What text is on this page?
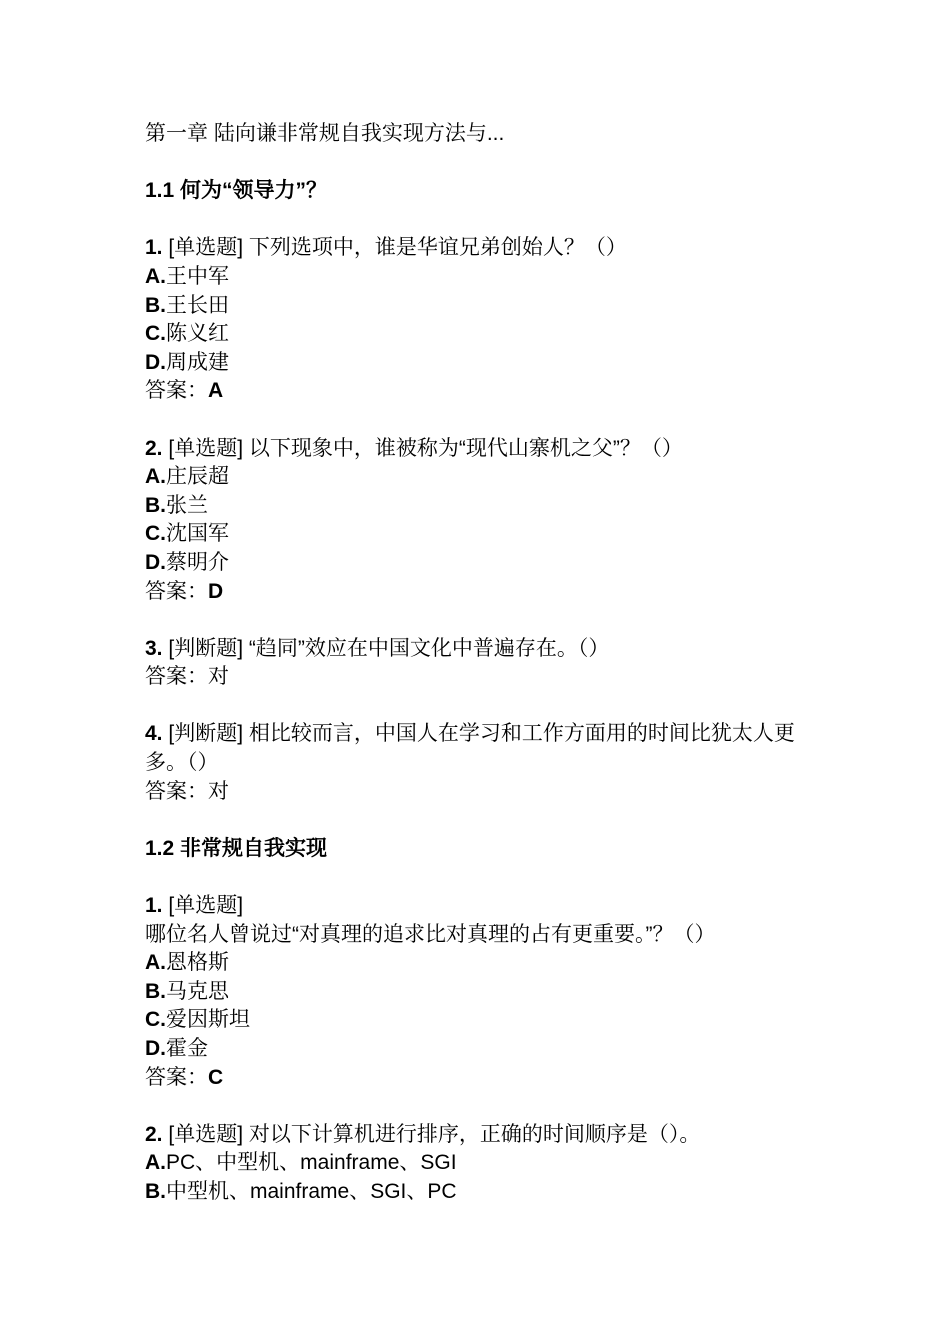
第一章 陆向谦非常规自我实现方法与...
1.1 何为“领导力”？
1. [单选题] 下列选项中，谁是华谊兄弟创始人？（）
A.王中军
B.王长田
C.陈义红
D.周成建
答案：A
2. [单选题] 以下现象中，谁被称为“现代山寨机之父”？（）
A.庄辰超
B.张兰
C.沈国军
D.蔡明介
答案：D
3. [判断题] “趋同”效应在中国文化中普遍存在。（）
答案：对
4. [判断题] 相比较而言，中国人在学习和工作方面用的时间比犹太人更多。（）
答案：对
1.2 非常规自我实现
1. [单选题] 哪位名人曾说过“对真理的追求比对真理的占有更重要。”？（）
A.恩格斯
B.马克思
C.爱因斯坦
D.霍金
答案：C
2. [单选题] 对以下计算机进行排序，正确的时间顺序是（）。
A.PC、中型机、mainframe、SGI
B.中型机、mainframe、SGI、PC
